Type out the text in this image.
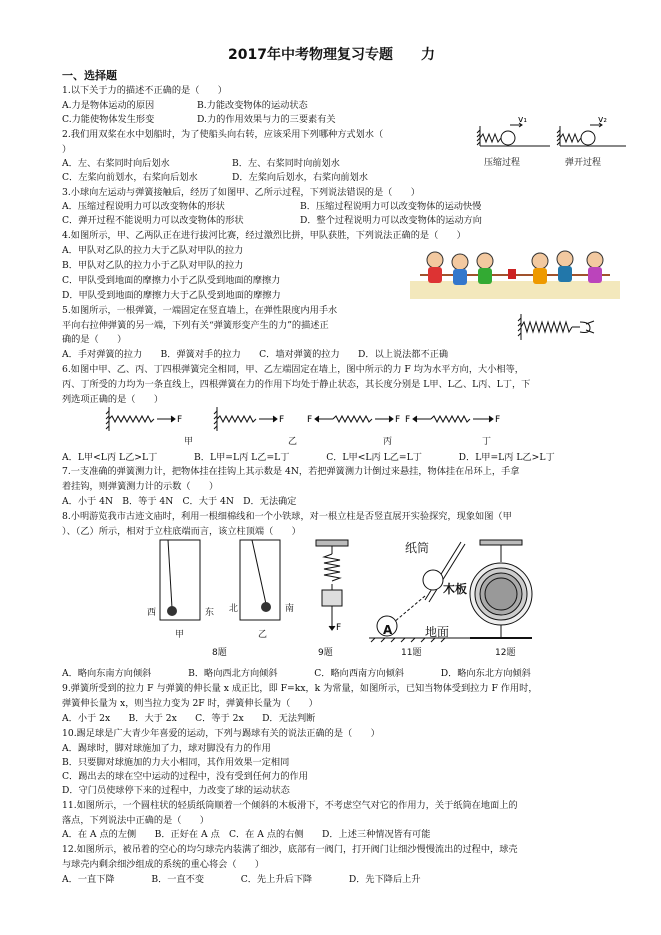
2017年中考物理复习专题　　力
一、选择题
1.以下关于力的描述不正确的是（　　）
A.力是物体运动的原因	B.力能改变物体的运动状态
C.力能使物体发生形变	D.力的作用效果与力的三要素有关
2.我们用双桨在水中划船时，为了使船头向右转，应该采用下列哪种方式划水（
）
A．左、右桨同时向后划水	B．左、右桨同时向前划水
C．左桨向前划水，右桨向后划水	D．左桨向后划水，右桨向前划水
v₁	v₂
压缩过程	弹开过程
3.小球向左运动与弹簧接触后，经历了如图甲、乙所示过程，下列说法错误的是（　　）
A．压缩过程说明力可以改变物体的形状	B．压缩过程说明力可以改变物体的运动快慢
C．弹开过程不能说明力可以改变物体的形状	D．整个过程说明力可以改变物体的运动方向
4.如图所示，甲、乙两队正在进行拔河比赛，经过激烈比拼，甲队获胜，下列说法正确的是（　　）
A．甲队对乙队的拉力大于乙队对甲队的拉力
B．甲队对乙队的拉力小于乙队对甲队的拉力
C．甲队受到地面的摩擦力小于乙队受到地面的摩擦力
D．甲队受到地面的摩擦力大于乙队受到地面的摩擦力
5.如图所示，一根弹簧，一端固定在竖直墙上，在弹性限度内用手水
平向右拉伸弹簧的另一端，下列有关“弹簧形变产生的力”的描述正
确的是（　　）
A．手对弹簧的拉力　　B．弹簧对手的拉力　　C．墙对弹簧的拉力　　D．以上说法都不正确
6.如图中甲、乙、丙、丁四根弹簧完全相同，甲、乙左端固定在墙上，图中所示的力 F 均为水平方向，大小相等，
丙、丁所受的力均为一条直线上，四根弹簧在力的作用下均处于静止状态，其长度分别是 L甲、L乙、L丙、L丁，下
列选项正确的是（　　）
F	F	F	F F	F
甲	乙	丙	丁
A．L甲<L丙 L乙>L丁　　　　B．L甲=L丙 L乙=L丁　　　　C．L甲<L丙 L乙=L丁　　　　D．L甲=L丙 L乙>L丁
7.一支准确的弹簧测力计，把物体挂在挂钩上其示数是 4N，若把弹簧测力计倒过来悬挂，物体挂在吊环上，手拿
着挂钩，则弹簧测力计的示数（　　）
A．小于 4N　B．等于 4N　C．大于 4N　D．无法确定
8.小明游览我市古迹文庙时，利用一根细棉线和一个小铁球，对一根立柱是否竖直展开实验探究，现象如图（甲
）、（乙）所示，相对于立柱底端而言，该立柱顶端（　　）
西	东 北	南
甲	乙
8题
F
9题
纸筒
木板
A	地面
11题	12题
A．略向东南方向倾斜　　　　B．略向西北方向倾斜　　　　C．略向西南方向倾斜　　　　D．略向东北方向倾斜
9.弹簧所受到的拉力 F 与弹簧的伸长量 x 成正比，即 F=kx，k 为常量，如图所示，已知当物体受到拉力 F 作用时，
弹簧伸长量为 x，则当拉力变为 2F 时，弹簧伸长量为（　　）
A．小于 2x　　B．大于 2x　　C．等于 2x　　D．无法判断
10.踢足球是广大青少年喜爱的运动，下列与踢球有关的说法正确的是（　　）
A．踢球时，脚对球施加了力，球对脚没有力的作用
B．只要脚对球施加的力大小相同，其作用效果一定相同
C．踢出去的球在空中运动的过程中，没有受到任何力的作用
D．守门员使球停下来的过程中，力改变了球的运动状态
11.如图所示，一个圆柱状的轻质纸筒顺着一个倾斜的木板滑下，不考虑空气对它的作用力，关于纸筒在地面上的
落点，下列说法中正确的是（　　）
A．在 A 点的左侧　　B．正好在 A 点　C．在 A 点的右侧　　D．上述三种情况皆有可能
12.如图所示，被吊着的空心的均匀球壳内装满了细沙，底部有一阀门，打开阀门让细沙慢慢流出的过程中，球壳
与球壳内剩余细沙组成的系统的重心将会（　　）
A．一直下降　　　　B．一直不变　　　　C．先上升后下降　　　　D．先下降后上升
